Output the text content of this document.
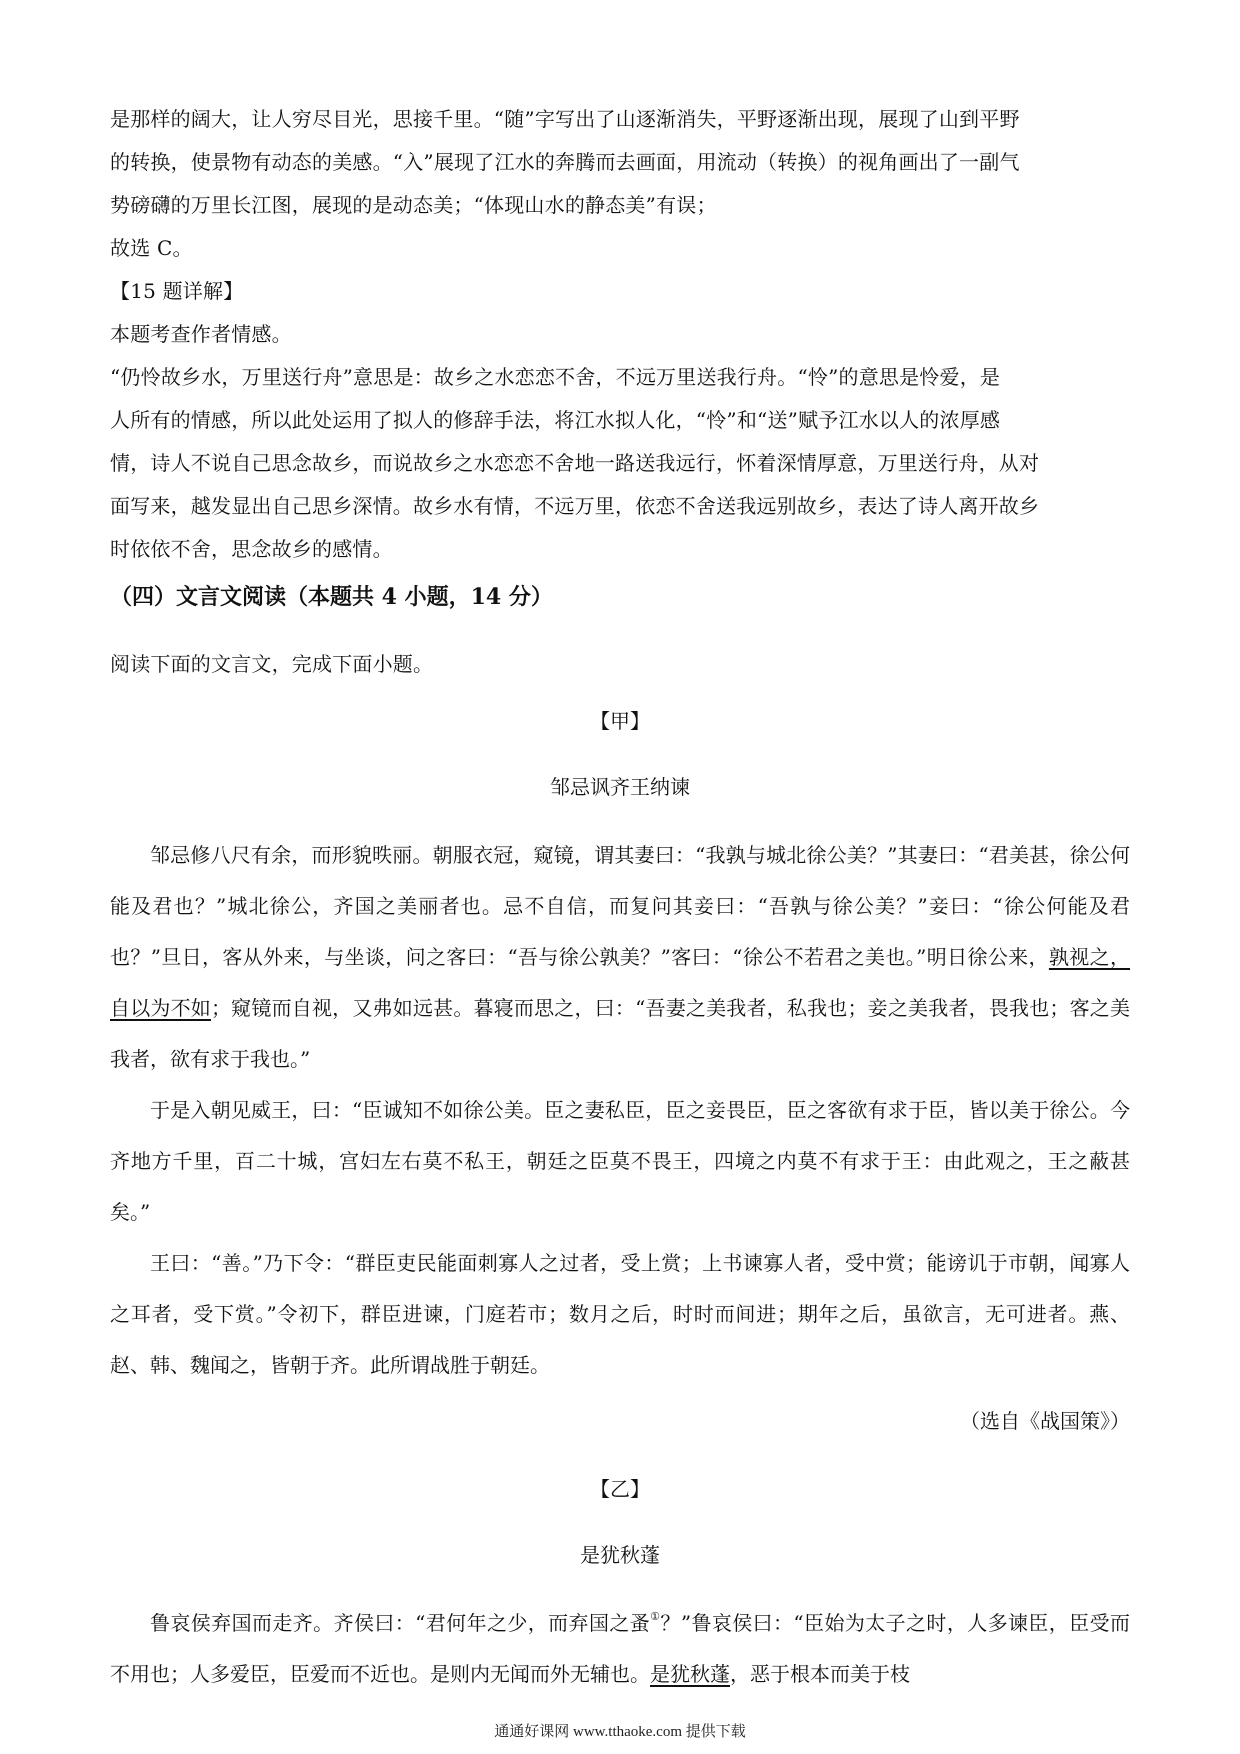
是那样的阔大，让人穷尽目光，思接千里。“随”字写出了山逐渐消失，平野逐渐出现，展现了山到平野

的转换，使景物有动态的美感。“入”展现了江水的奔腾而去画面，用流动（转换）的视角画出了一副气

势磅礴的万里长江图，展现的是动态美；“体现山水的静态美”有误；

故选 C。

【15 题详解】

本题考查作者情感。

“仍怜故乡水，万里送行舟”意思是：故乡之水恋恋不舍，不远万里送我行舟。“怜”的意思是怜爱，是

人所有的情感，所以此处运用了拟人的修辞手法，将江水拟人化，“怜”和“送”赋予江水以人的浓厚感

情，诗人不说自己思念故乡，而说故乡之水恋恋不舍地一路送我远行，怀着深情厚意，万里送行舟，从对

面写来，越发显出自己思乡深情。故乡水有情，不远万里，依恋不舍送我远别故乡，表达了诗人离开故乡

时依依不舍，思念故乡的感情。

（四）文言文阅读（本题共 4 小题，14 分）

阅读下面的文言文，完成下面小题。

【甲】

邹忌讽齐王纳谏

邹忌修八尺有余，而形貌昳丽。朝服衣冠，窥镜，谓其妻曰：“我孰与城北徐公美？”其妻曰：“君美甚，徐公何能及君也？”城北徐公，齐国之美丽者也。忌不自信，而复问其妾曰：“吾孰与徐公美？”妾曰：“徐公何能及君也？”旦日，客从外来，与坐谈，问之客曰：“吾与徐公孰美？”客曰：“徐公不若君之美也。”明日徐公来，孰视之，自以为不如；窥镜而自视，又弗如远甚。暮寝而思之，曰：“吾妻之美我者，私我也；妾之美我者，畏我也；客之美我者，欲有求于我也。”

于是入朝见威王，曰：“臣诚知不如徐公美。臣之妻私臣，臣之妾畏臣，臣之客欲有求于臣，皆以美于徐公。今齐地方千里，百二十城，宫妇左右莫不私王，朝廷之臣莫不畏王，四境之内莫不有求于王：由此观之，王之蔽甚矣。”

王曰：“善。”乃下令：“群臣吏民能面刺寡人之过者，受上赏；上书谏寡人者，受中赏；能谤讥于市朝，闻寡人之耳者，受下赏。”令初下，群臣进谏，门庭若市；数月之后，时时而间进；期年之后，虽欲言，无可进者。燕、赵、韩、魏闻之，皆朝于齐。此所谓战胜于朝廷。

（选自《战国策》）

【乙】

是犹秋蓬

鲁哀侯弃国而走齐。齐侯曰：“君何年之少，而弃国之蚤①？”鲁哀侯曰：“臣始为太子之时，人多谏臣，臣受而不用也；人多爱臣，臣爱而不近也。是则内无闻而外无辅也。是犹秋蓬，恶于根本而美于枝

通通好课网 www.tthaoke.com 提供下载
